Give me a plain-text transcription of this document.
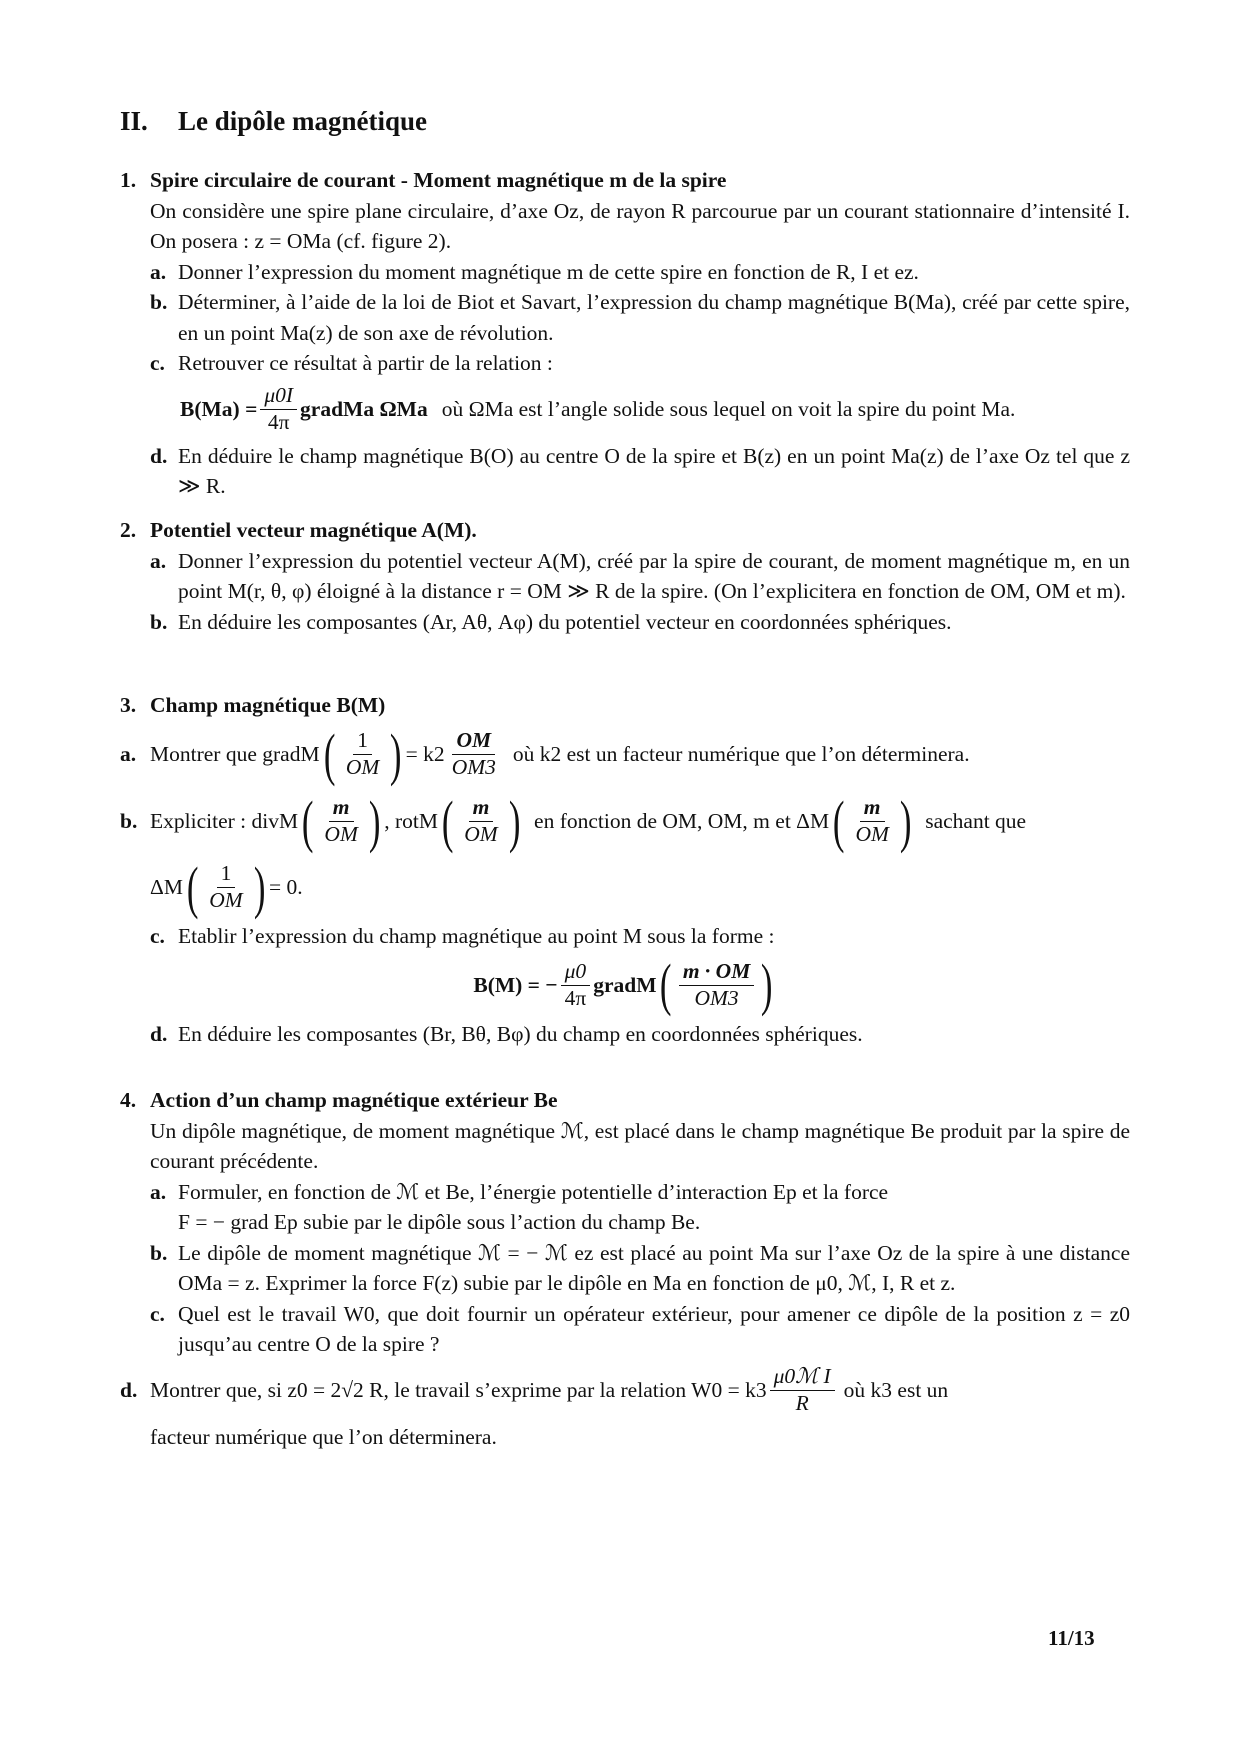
II. Le dipôle magnétique
1. Spire circulaire de courant - Moment magnétique m de la spire
On considère une spire plane circulaire, d’axe Oz, de rayon R parcourue par un courant stationnaire d’intensité I. On posera : z = OMa (cf. figure 2).
a. Donner l’expression du moment magnétique m de cette spire en fonction de R, I et ez.
b. Déterminer, à l’aide de la loi de Biot et Savart, l’expression du champ magnétique B(Ma), créé par cette spire, en un point Ma(z) de son axe de révolution.
c. Retrouver ce résultat à partir de la relation :
$B(Ma) = \frac{\mu 0I}{4\pi}$ gradMa ΩMa où ΩMa est l’angle solide sous lequel on voit la spire du point Ma.
d. En déduire le champ magnétique B(O) au centre O de la spire et B(z) en un point Ma(z) de l’axe Oz tel que z ≫ R.
2. Potentiel vecteur magnétique A(M).
a. Donner l’expression du potentiel vecteur A(M), créé par la spire de courant, de moment magnétique m, en un point M(r, θ, φ) éloigné à la distance r = OM ≫ R de la spire. (On l’explicitera en fonction de OM, OM et m).
b. En déduire les composantes (Ar, Aθ, Aφ) du potentiel vecteur en coordonnées sphériques.
3. Champ magnétique B(M)
a. Montrer que gradM ( $\frac{1}{OM}$ ) = $k2 \frac{OM}{OM3}$ où k2 est un facteur numérique que l’on déterminera.
b. Expliciter : divM ( $\frac{m}{OM}$ ) , rotM ( $\frac{m}{OM}$ ) en fonction de OM, OM, m et ΔM ( $\frac{m}{OM}$ ) sachant que
ΔM ( $\frac{1}{OM}$ ) = 0.
c. Etablir l’expression du champ magnétique au point M sous la forme :
B(M) = − $\frac{\mu 0}{4\pi}$ gradM ( $\frac{m \cdot OM}{OM3}$ )
d. En déduire les composantes (Br, Bθ, Bφ) du champ en coordonnées sphériques.
4. Action d’un champ magnétique extérieur Be
Un dipôle magnétique, de moment magnétique ℳ, est placé dans le champ magnétique Be produit par la spire de courant précédente.
a. Formuler, en fonction de ℳ et Be, l’énergie potentielle d’interaction Ep et la force
F = − grad Ep subie par le dipôle sous l’action du champ Be.
b. Le dipôle de moment magnétique ℳ = − ℳ ez est placé au point Ma sur l’axe Oz de la spire à une distance OMa = z. Exprimer la force F(z) subie par le dipôle en Ma en fonction de μ0, ℳ, I, R et z.
c. Quel est le travail W0, que doit fournir un opérateur extérieur, pour amener ce dipôle de la position z = z0 jusqu’au centre O de la spire ?
d. Montrer que, si z0 = 2√2 R, le travail s’exprime par la relation $W0 = k3 \frac{\text{μ0ℳ I}}{R}$ où k3 est un
facteur numérique que l’on déterminera.
11/13
